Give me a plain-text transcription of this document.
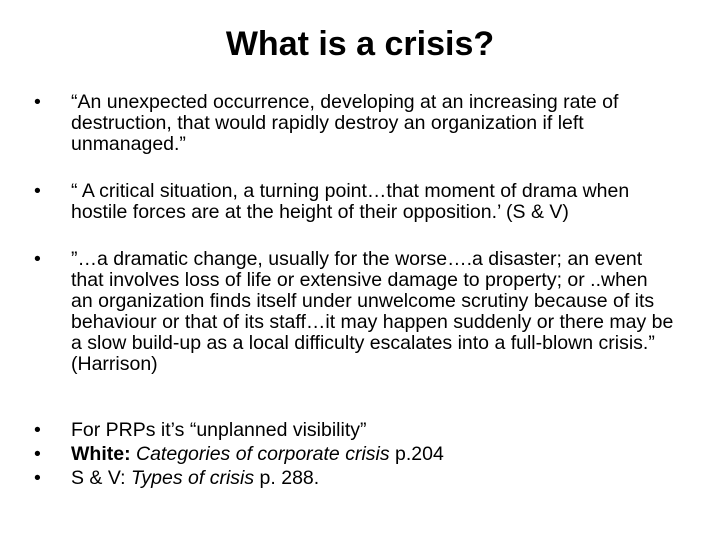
What is a crisis?
•	“An unexpected occurrence, developing at an increasing rate of destruction, that would rapidly destroy an organization if left unmanaged.”
•	“ A critical situation, a turning point…that moment of drama when hostile forces are at the height of their opposition.’ (S & V)
•	”…a dramatic change, usually for the worse….a disaster; an event that involves loss of life or extensive damage to property; or ..when an organization finds itself under unwelcome scrutiny because of its behaviour or that of its staff…it may happen suddenly or there may be a slow build-up as a local difficulty escalates into a full-blown crisis.” (Harrison)
•	For PRPs it’s “unplanned visibility”
•	White: Categories of corporate crisis p.204
•	S & V: Types of crisis p. 288.
